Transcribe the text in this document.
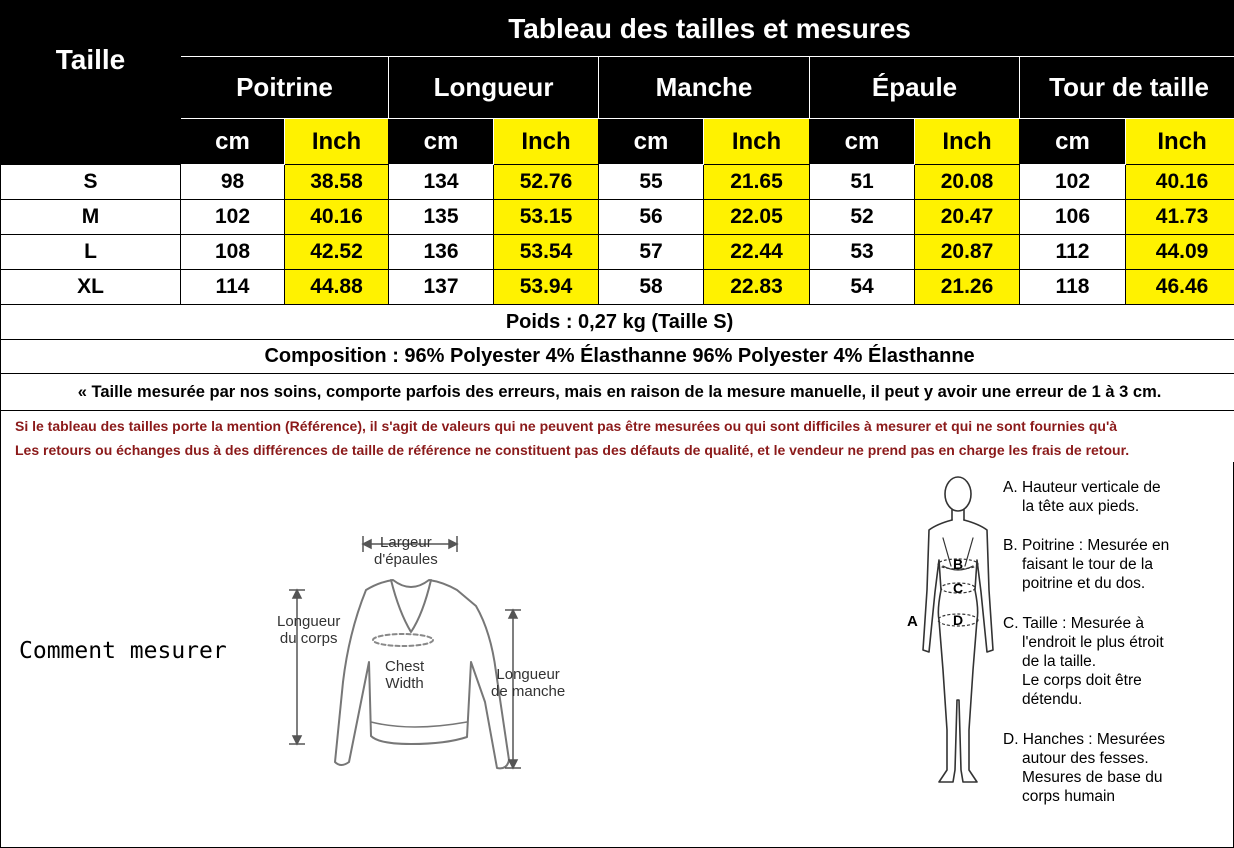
Taille	Tableau des tailles et mesures									
	Poitrine		Longueur		Manche		Épaule		Tour de taille	
	cm	Inch	cm	Inch	cm	Inch	cm	Inch	cm	Inch
S	98	38.58	134	52.76	55	21.65	51	20.08	102	40.16
M	102	40.16	135	53.15	56	22.05	52	20.47	106	41.73
L	108	42.52	136	53.54	57	22.44	53	20.87	112	44.09
XL	114	44.88	137	53.94	58	22.83	54	21.26	118	46.46
Poids : 0,27 kg (Taille S)										
Composition : 96% Polyester 4% Élasthanne 96% Polyester 4% Élasthanne										
« Taille mesurée par nos soins, comporte parfois des erreurs, mais en raison de la mesure manuelle, il peut y avoir une erreur de 1 à 3 cm.										

Si le tableau des tailles porte la mention (Référence), il s'agit de valeurs qui ne peuvent pas être mesurées ou qui sont difficiles à mesurer et qui ne sont fournies qu'à
Les retours ou échanges dus à des différences de taille de référence ne constituent pas des défauts de qualité, et le vendeur ne prend pas en charge les frais de retour.										
Comment mesurer
Largeur
d'épaules
Longueur
du corps
Longueur
de manche
Chest
Width
B
C
D
A
A. Hauteur verticale de
la tête aux pieds.
B. Poitrine : Mesurée en
faisant le tour de la
poitrine et du dos.
C. Taille : Mesurée à
l'endroit le plus étroit
de la taille.
Le corps doit être
détendu.
D. Hanches : Mesurées
autour des fesses.
Mesures de base du
corps humain
